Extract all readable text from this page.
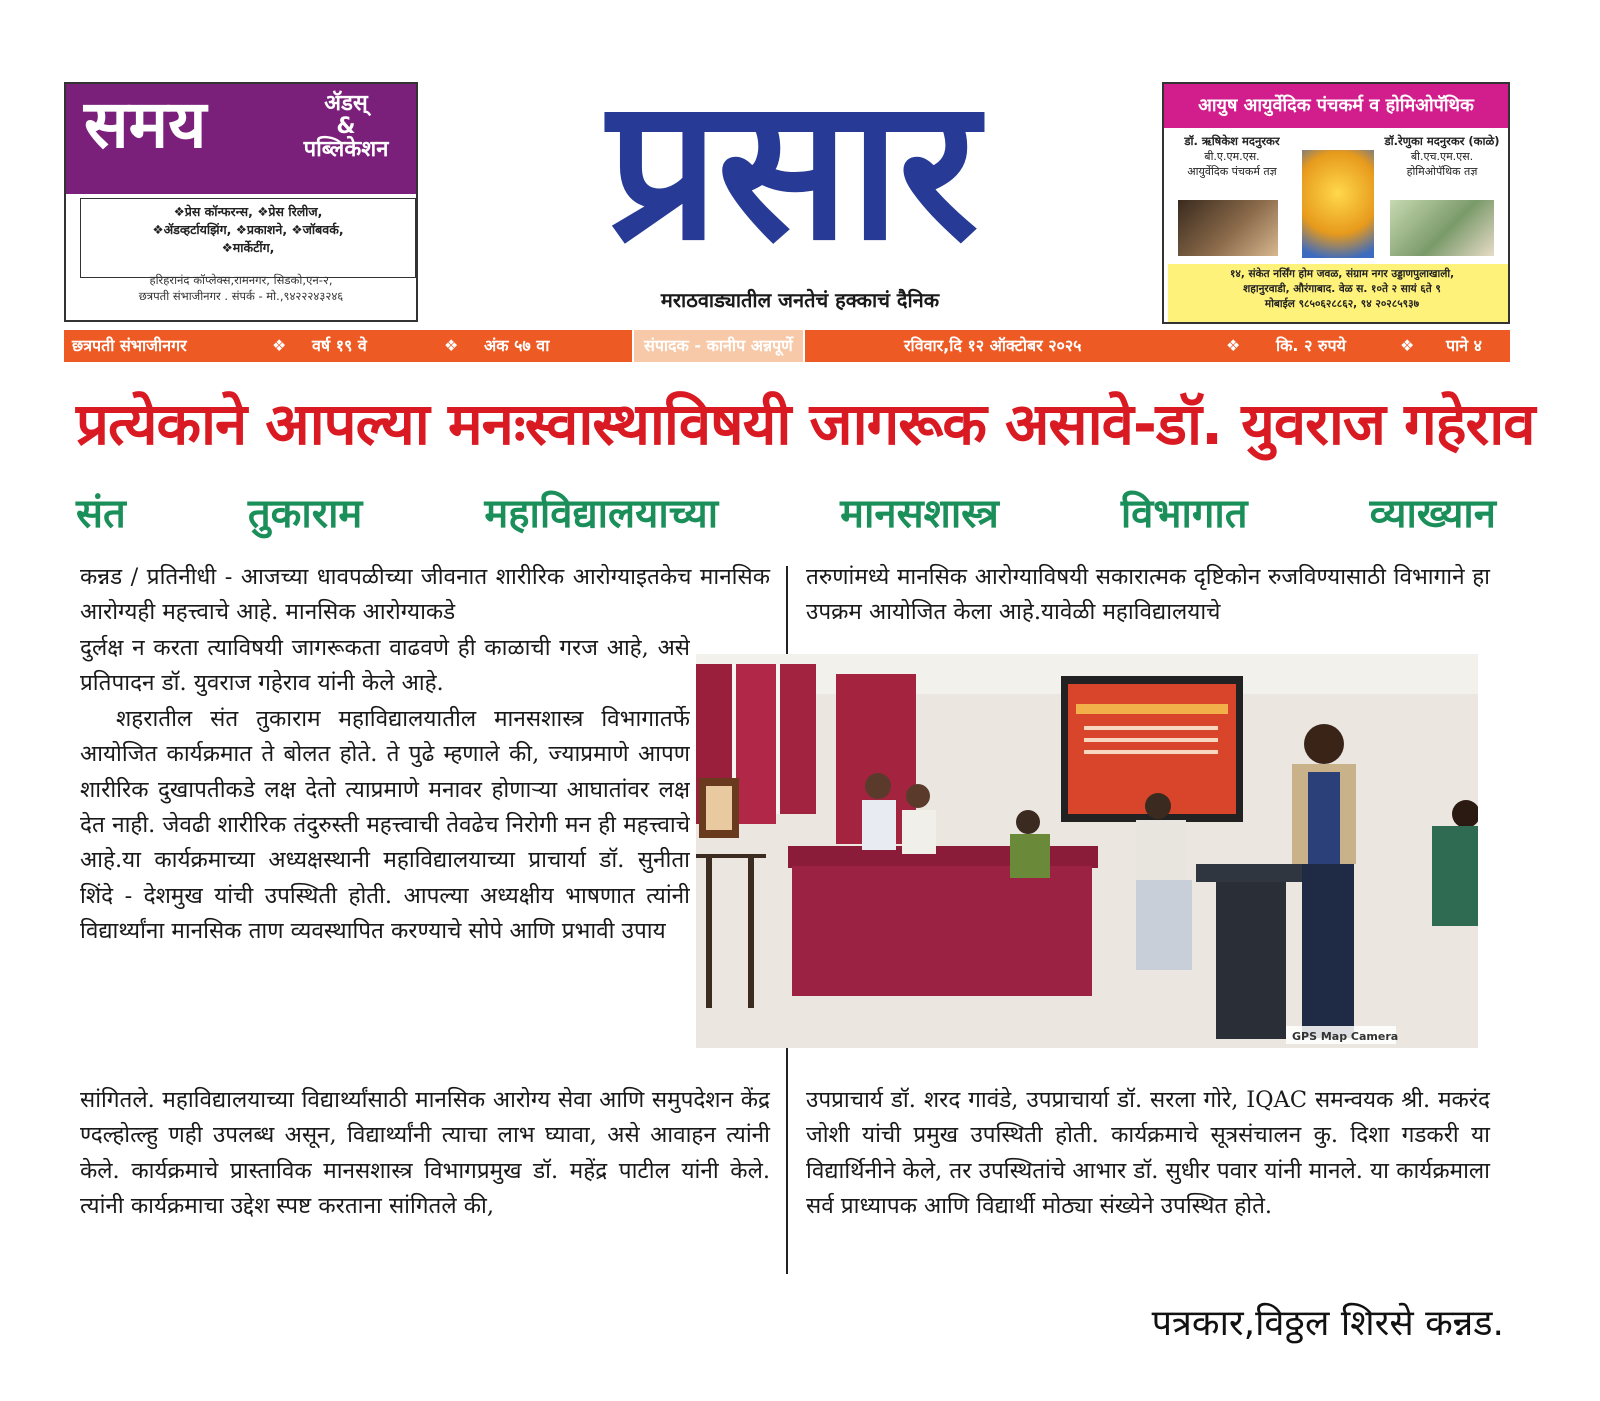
समय	ॲडस्
&
पब्लिकेशन
❖प्रेस कॉन्फरन्स, ❖प्रेस रिलीज,
❖ॲडव्हर्टायझिंग, ❖प्रकाशने, ❖जॉबवर्क,
❖मार्केटींग,
हरिहरानंद कॉप्लेक्स,रामनगर, सिडको,एन-२,
छत्रपती संभाजीनगर . संपर्क - मो.,९४२२२४३२४६
प्रसार
मराठवाड्यातील जनतेचं हक्काचं दैनिक
आयुष आयुर्वेदिक पंचकर्म व होमिओपॅथिक
डॉ. ऋषिकेश मदनुरकर
बी.ए.एम.एस.
आयुर्वेदिक पंचकर्म तज्ञ
डॉ.रेणुका मदनुरकर (काळे)
बी.एच.एम.एस.
होमिओपॅथिक तज्ञ
१४, संकेत नर्सिंग होम जवळ, संग्राम नगर उड्डाणपुलाखाली,
शहानुरवाडी, औरंगाबाद. वेळ स. १०ते २ सायं ६ते ९
मोबाईल ९८५०६२८८६२, ९४ २०२८५९३७
छत्रपती संभाजीनगर	❖ वर्ष १९ वे	❖ अंक ५७ वा	संपादक - कानीप अन्नपूर्णे	रविवार,दि १२ ऑक्टोबर २०२५	❖ कि. २ रुपये	❖ पाने ४
प्रत्येकाने आपल्या मनःस्वास्थाविषयी जागरूक असावे-डॉ. युवराज गहेराव
संत	तुकाराम	महाविद्यालयाच्या	मानसशास्त्र	विभागात	व्याख्यान

कन्नड / प्रतिनीधी - आजच्या धावपळीच्या जीवनात शारीरिक आरोग्याइतकेच मानसिक आरोग्यही महत्त्वाचे आहे. मानसिक आरोग्याकडे

दुर्लक्ष न करता त्याविषयी जागरूकता वाढवणे ही काळाची गरज आहे, असे प्रतिपादन डॉ. युवराज गहेराव यांनी केले आहे.

शहरातील संत तुकाराम महाविद्यालयातील मानसशास्त्र विभागातर्फे आयोजित कार्यक्रमात ते बोलत होते. ते पुढे म्हणाले की, ज्याप्रमाणे आपण शारीरिक दुखापतीकडे लक्ष देतो त्याप्रमाणे मनावर होणाऱ्या आघातांवर लक्ष देत नाही. जेवढी शारीरिक तंदुरुस्ती महत्त्वाची तेवढेच निरोगी मन ही महत्त्वाचे आहे.या कार्यक्रमाच्या अध्यक्षस्थानी महाविद्यालयाच्या प्राचार्या डॉ. सुनीता शिंदे - देशमुख यांची उपस्थिती होती. आपल्या अध्यक्षीय भाषणात त्यांनी विद्यार्थ्यांना मानसिक ताण व्यवस्थापित करण्याचे सोपे आणि प्रभावी उपाय

सांगितले. महाविद्यालयाच्या विद्यार्थ्यांसाठी मानसिक आरोग्य सेवा आणि समुपदेशन केंद्र ण्दल्होत्ल्हु णही उपलब्ध असून, विद्यार्थ्यांनी त्याचा लाभ घ्यावा, असे आवाहन त्यांनी केले. कार्यक्रमाचे प्रास्ताविक मानसशास्त्र विभागप्रमुख डॉ. महेंद्र पाटील यांनी केले. त्यांनी कार्यक्रमाचा उद्देश स्पष्ट करताना सांगितले की,

तरुणांमध्ये मानसिक आरोग्याविषयी सकारात्मक दृष्टिकोन रुजविण्यासाठी विभागाने हा उपक्रम आयोजित केला आहे.यावेळी महाविद्यालयाचे

उपप्राचार्य डॉ. शरद गावंडे, उपप्राचार्या डॉ. सरला गोरे, IQAC समन्वयक श्री. मकरंद जोशी यांची प्रमुख उपस्थिती होती. कार्यक्रमाचे सूत्रसंचालन कु. दिशा गडकरी या विद्यार्थिनीने केले, तर उपस्थितांचे आभार डॉ. सुधीर पवार यांनी मानले. या कार्यक्रमाला सर्व प्राध्यापक आणि विद्यार्थी मोठ्या संख्येने उपस्थित होते.

GPS Map Camera
पत्रकार,विठ्ठल शिरसे कन्नड.
